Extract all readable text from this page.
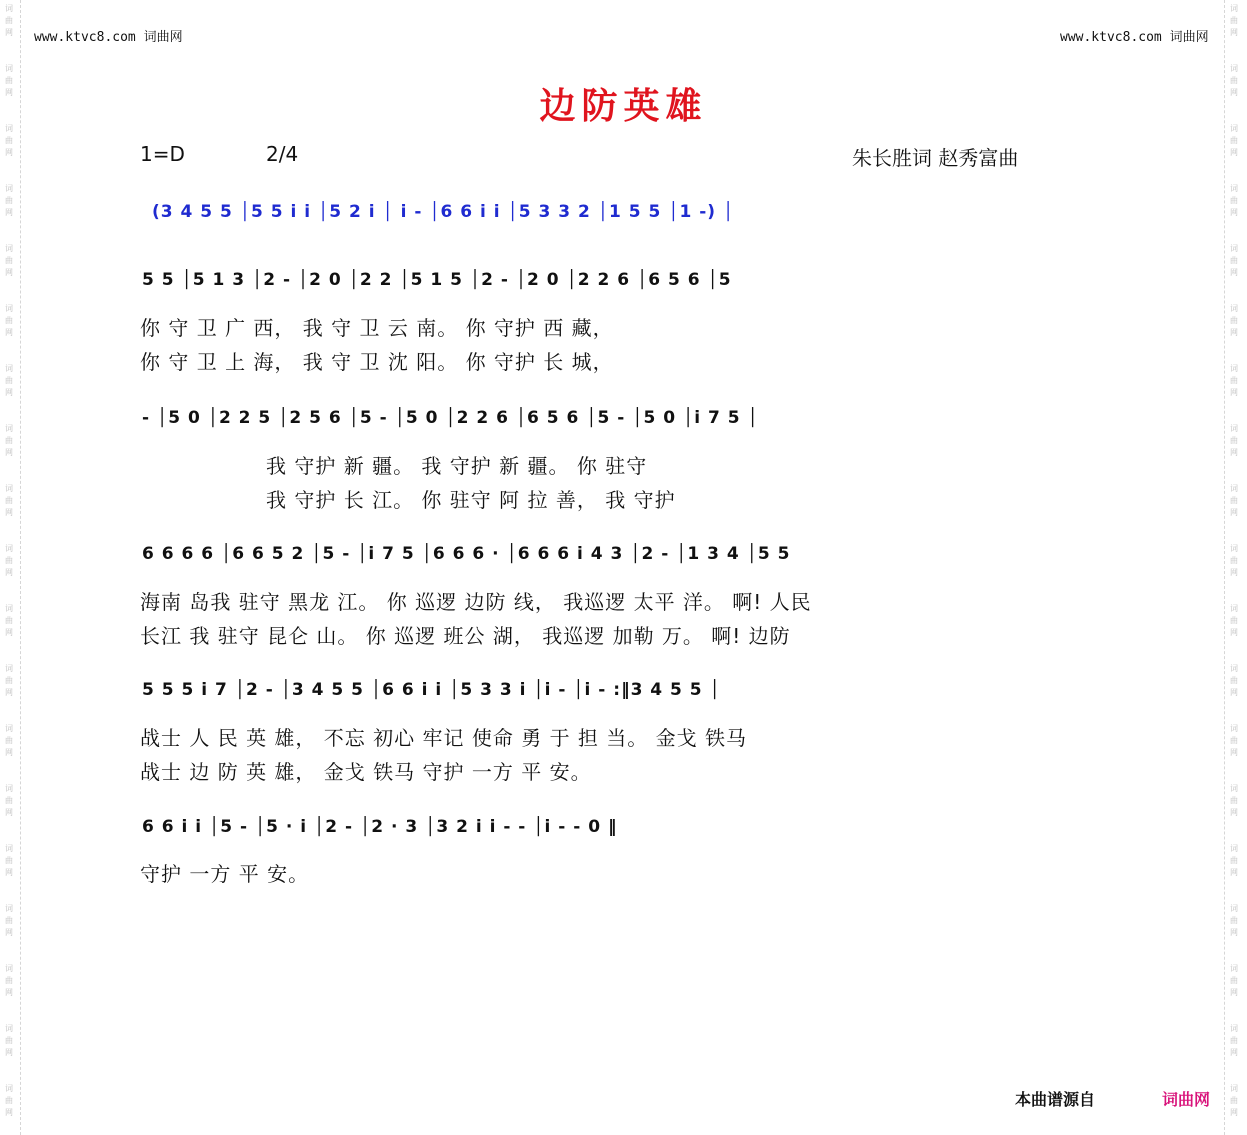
词
曲
网
词
曲
网
词
曲
网
词
曲
网
词
曲
网
词
曲
网
词
曲
网
词
曲
网
词
曲
网
词
曲
网
词
曲
网
词
曲
网
词
曲
网
词
曲
网
词
曲
网
词
曲
网
词
曲
网
词
曲
网
词
曲
网
词
曲
网
词
曲
网
词
曲
网
词
曲
网
词
曲
网
词
曲
网
词
曲
网
词
曲
网
词
曲
网
词
曲
网
词
曲
网
词
曲
网
词
曲
网
词
曲
网
词
曲
网
词
曲
网
词
曲
网
词
曲
网
词
曲
网
www.ktvc8.com 词曲网	www.ktvc8.com 词曲网
边防英雄
1=D	2/4	朱长胜词 赵秀富曲
(3 4 5 5 │5 5 i i │5 2 i │ i - │6 6 i i │5 3 3 2 │1 5 5 │1 -) │
5 5 │5 1 3 │2 - │2 0 │2 2 │5 1 5 │2 - │2 0 │2 2 6 │6 5 6 │5
你 守 卫 广 西， 我 守 卫 云 南。 你 守护 西 藏，
你 守 卫 上 海， 我 守 卫 沈 阳。 你 守护 长 城，
- │5 0 │2 2 5 │2 5 6 │5 - │5 0 │2 2 6 │6 5 6 │5 - │5 0 │i 7 5 │
我 守护 新 疆。 我 守护 新 疆。 你 驻守
我 守护 长 江。 你 驻守 阿 拉 善， 我 守护
6 6 6 6 │6 6 5 2 │5 - │i 7 5 │6 6 6 · │6 6 6 i 4 3 │2 - │1 3 4 │5 5
海南 岛我 驻守 黑龙 江。 你 巡逻 边防 线， 我巡逻 太平 洋。 啊! 人民
长江 我 驻守 昆仑 山。 你 巡逻 班公 湖， 我巡逻 加勒 万。 啊! 边防
5 5 5 i 7 │2 - │3 4 5 5 │6 6 i i │5 3 3 i │i - │i - :‖3 4 5 5 │
战士 人 民 英 雄， 不忘 初心 牢记 使命 勇 于 担 当。 金戈 铁马
战士 边 防 英 雄， 金戈 铁马 守护 一方 平 安。
6 6 i i │5 - │5 · i │2 - │2 · 3 │3 2 i i - - │i - - 0 ‖
守护 一方 平 安。
本曲谱源自	词曲网
